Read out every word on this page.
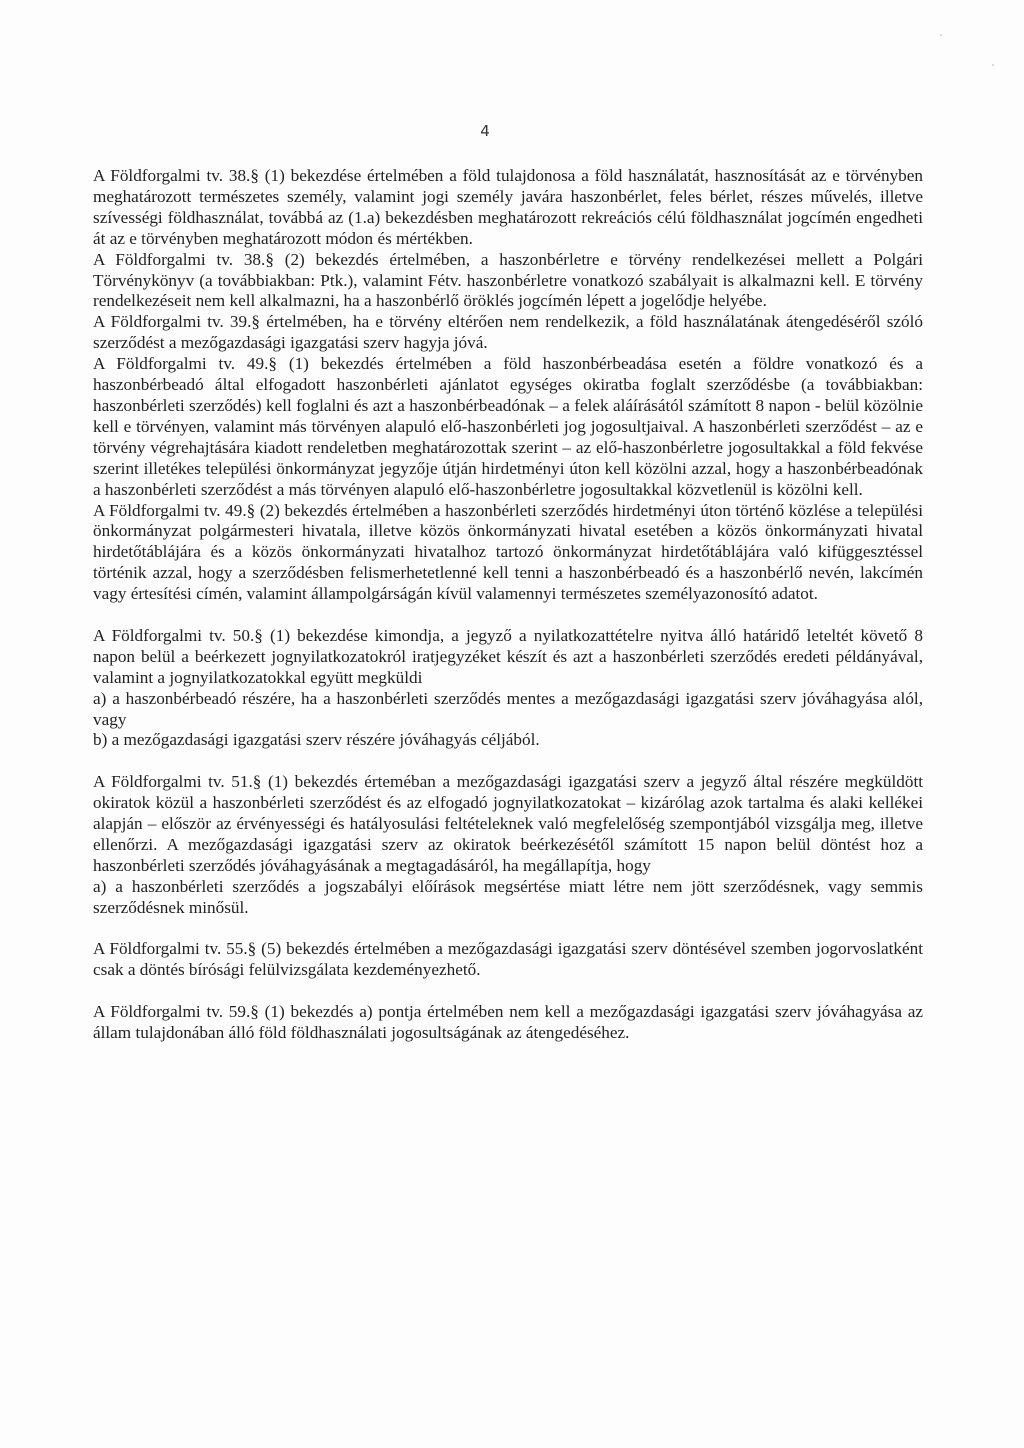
4

A Földforgalmi tv. 38.§ (1) bekezdése értelmében a föld tulajdonosa a föld használatát, hasznosítását az e törvényben meghatározott természetes személy, valamint jogi személy javára haszonbérlet, feles bérlet, részes művelés, illetve szívességi földhasználat, továbbá az (1.a) bekezdésben meghatározott rekreációs célú földhasználat jogcímén engedheti át az e törvényben meghatározott módon és mértékben.

A Földforgalmi tv. 38.§ (2) bekezdés értelmében, a haszonbérletre e törvény rendelkezései mellett a Polgári Törvénykönyv (a továbbiakban: Ptk.), valamint Fétv. haszonbérletre vonatkozó szabályait is alkalmazni kell. E törvény rendelkezéseit nem kell alkalmazni, ha a haszonbérlő öröklés jogcímén lépett a jogelődje helyébe.

A Földforgalmi tv. 39.§ értelmében, ha e törvény eltérően nem rendelkezik, a föld használatának átengedéséről szóló szerződést a mezőgazdasági igazgatási szerv hagyja jóvá.

A Földforgalmi tv. 49.§ (1) bekezdés értelmében a föld haszonbérbeadása esetén a földre vonatkozó és a haszonbérbeadó által elfogadott haszonbérleti ajánlatot egységes okiratba foglalt szerződésbe (a továbbiakban: haszonbérleti szerződés) kell foglalni és azt a haszonbérbeadónak – a felek aláírásától számított 8 napon - belül közölnie kell e törvényen, valamint más törvényen alapuló elő-haszonbérleti jog jogosultjaival. A haszonbérleti szerződést – az e törvény végrehajtására kiadott rendeletben meghatározottak szerint – az elő-haszonbérletre jogosultakkal a föld fekvése szerint illetékes települési önkormányzat jegyzője útján hirdetményi úton kell közölni azzal, hogy a haszonbérbeadónak a haszonbérleti szerződést a más törvényen alapuló elő-haszonbérletre jogosultakkal közvetlenül is közölni kell.

A Földforgalmi tv. 49.§ (2) bekezdés értelmében a haszonbérleti szerződés hirdetményi úton történő közlése a települési önkormányzat polgármesteri hivatala, illetve közös önkormányzati hivatal esetében a közös önkormányzati hivatal hirdetőtáblájára és a közös önkormányzati hivatalhoz tartozó önkormányzat hirdetőtáblájára való kifüggesztéssel történik azzal, hogy a szerződésben felismerhetetlenné kell tenni a haszonbérbeadó és a haszonbérlő nevén, lakcímén vagy értesítési címén, valamint állampolgárságán kívül valamennyi természetes személyazonosító adatot.

A Földforgalmi tv. 50.§ (1) bekezdése kimondja, a jegyző a nyilatkozattételre nyitva álló határidő leteltét követő 8 napon belül a beérkezett jognyilatkozatokról iratjegyzéket készít és azt a haszonbérleti szerződés eredeti példányával, valamint a jognyilatkozatokkal együtt megküldi

a) a haszonbérbeadó részére, ha a haszonbérleti szerződés mentes a mezőgazdasági igazgatási szerv jóváhagyása alól, vagy

b) a mezőgazdasági igazgatási szerv részére jóváhagyás céljából.

A Földforgalmi tv. 51.§ (1) bekezdés érteméban a mezőgazdasági igazgatási szerv a jegyző által részére megküldött okiratok közül a haszonbérleti szerződést és az elfogadó jognyilatkozatokat – kizárólag azok tartalma és alaki kellékei alapján – először az érvényességi és hatályosulási feltételeknek való megfelelőség szempontjából vizsgálja meg, illetve ellenőrzi. A mezőgazdasági igazgatási szerv az okiratok beérkezésétől számított 15 napon belül döntést hoz a haszonbérleti szerződés jóváhagyásának a megtagadásáról, ha megállapítja, hogy

a) a haszonbérleti szerződés a jogszabályi előírások megsértése miatt létre nem jött szerződésnek, vagy semmis szerződésnek minősül.

A Földforgalmi tv. 55.§ (5) bekezdés értelmében a mezőgazdasági igazgatási szerv döntésével szemben jogorvoslatként csak a döntés bírósági felülvizsgálata kezdeményezhető.

A Földforgalmi tv. 59.§ (1) bekezdés a) pontja értelmében nem kell a mezőgazdasági igazgatási szerv jóváhagyása az állam tulajdonában álló föld földhasználati jogosultságának az átengedéséhez.
